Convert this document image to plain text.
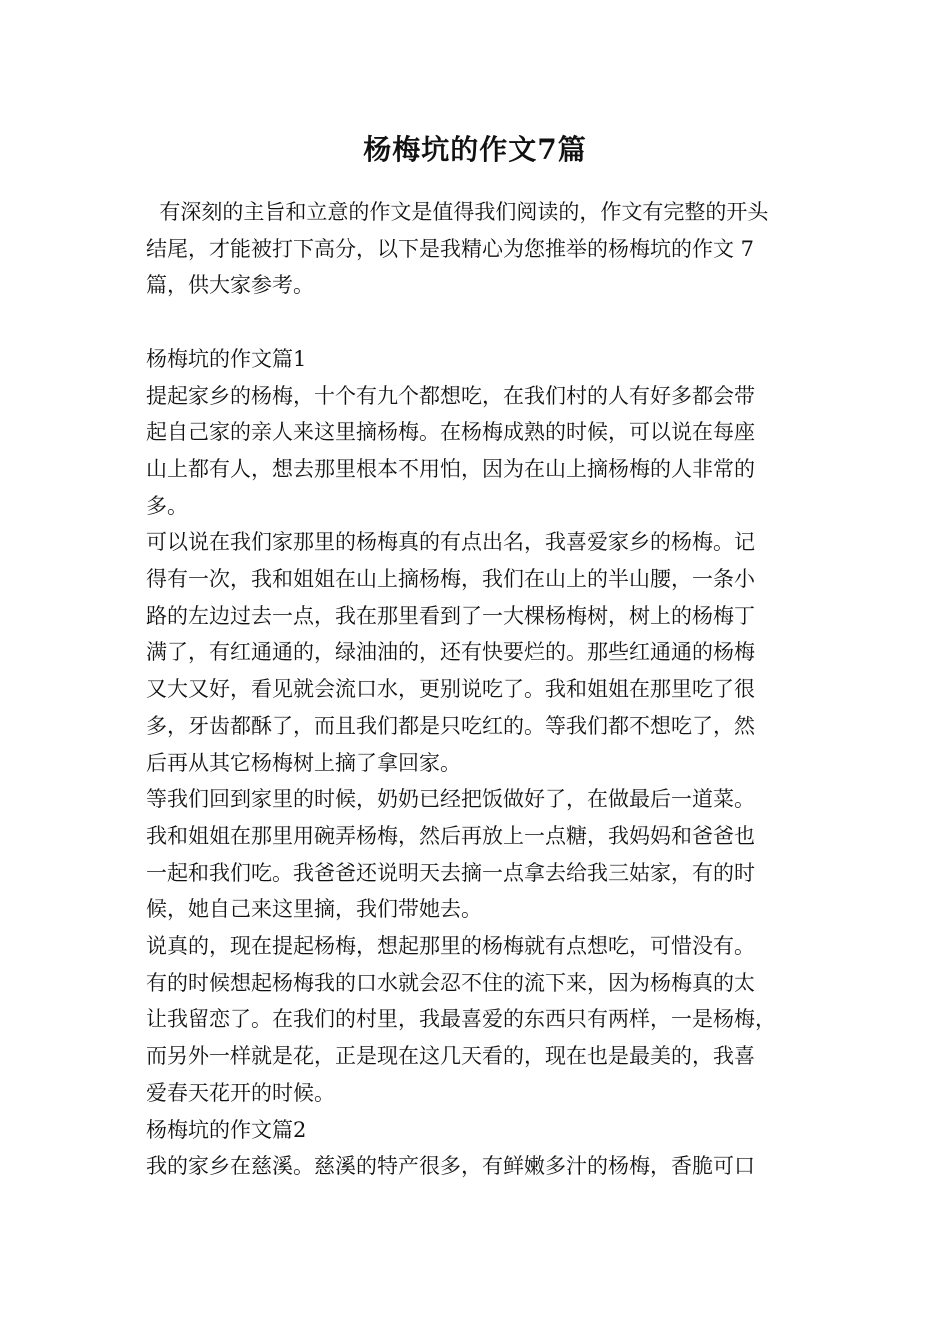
杨梅坑的作文7篇
有深刻的主旨和立意的作文是值得我们阅读的，作文有完整的开头
结尾，才能被打下高分，以下是我精心为您推举的杨梅坑的作文 7
篇，供大家参考。
杨梅坑的作文篇1
提起家乡的杨梅，十个有九个都想吃，在我们村的人有好多都会带
起自己家的亲人来这里摘杨梅。在杨梅成熟的时候，可以说在每座
山上都有人，想去那里根本不用怕，因为在山上摘杨梅的人非常的
多。
可以说在我们家那里的杨梅真的有点出名，我喜爱家乡的杨梅。记
得有一次，我和姐姐在山上摘杨梅，我们在山上的半山腰，一条小
路的左边过去一点，我在那里看到了一大棵杨梅树，树上的杨梅丁
满了，有红通通的，绿油油的，还有快要烂的。那些红通通的杨梅
又大又好，看见就会流口水，更别说吃了。我和姐姐在那里吃了很
多，牙齿都酥了，而且我们都是只吃红的。等我们都不想吃了，然
后再从其它杨梅树上摘了拿回家。
等我们回到家里的时候，奶奶已经把饭做好了，在做最后一道菜。
我和姐姐在那里用碗弄杨梅，然后再放上一点糖，我妈妈和爸爸也
一起和我们吃。我爸爸还说明天去摘一点拿去给我三姑家，有的时
候，她自己来这里摘，我们带她去。
说真的，现在提起杨梅，想起那里的杨梅就有点想吃，可惜没有。
有的时候想起杨梅我的口水就会忍不住的流下来，因为杨梅真的太
让我留恋了。在我们的村里，我最喜爱的东西只有两样，一是杨梅，
而另外一样就是花，正是现在这几天看的，现在也是最美的，我喜
爱春天花开的时候。
杨梅坑的作文篇2
我的家乡在慈溪。慈溪的特产很多，有鲜嫩多汁的杨梅，香脆可口
